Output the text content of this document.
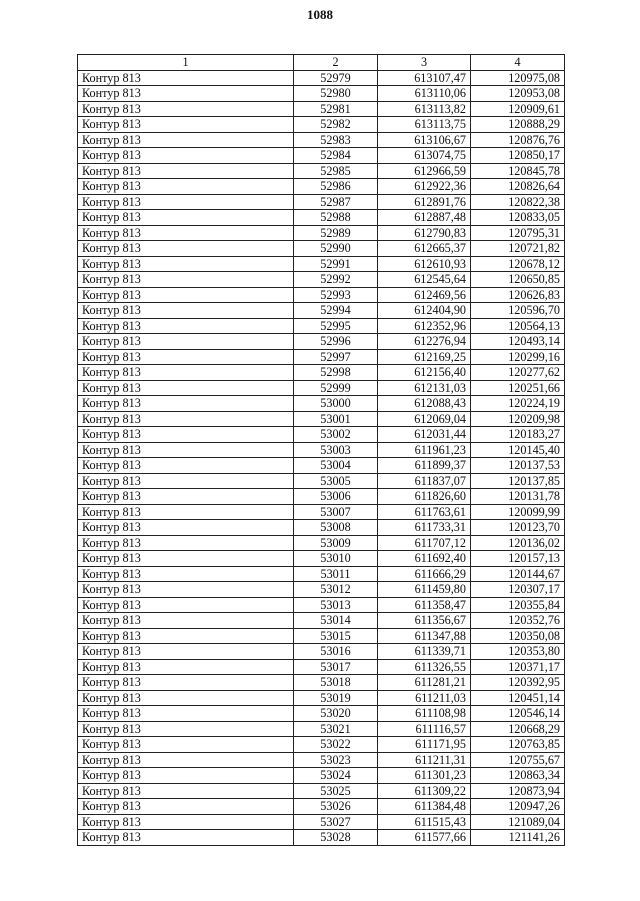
1088
1	2	3	4
Контур 813	52979	613107,47	120975,08
Контур 813	52980	613110,06	120953,08
Контур 813	52981	613113,82	120909,61
Контур 813	52982	613113,75	120888,29
Контур 813	52983	613106,67	120876,76
Контур 813	52984	613074,75	120850,17
Контур 813	52985	612966,59	120845,78
Контур 813	52986	612922,36	120826,64
Контур 813	52987	612891,76	120822,38
Контур 813	52988	612887,48	120833,05
Контур 813	52989	612790,83	120795,31
Контур 813	52990	612665,37	120721,82
Контур 813	52991	612610,93	120678,12
Контур 813	52992	612545,64	120650,85
Контур 813	52993	612469,56	120626,83
Контур 813	52994	612404,90	120596,70
Контур 813	52995	612352,96	120564,13
Контур 813	52996	612276,94	120493,14
Контур 813	52997	612169,25	120299,16
Контур 813	52998	612156,40	120277,62
Контур 813	52999	612131,03	120251,66
Контур 813	53000	612088,43	120224,19
Контур 813	53001	612069,04	120209,98
Контур 813	53002	612031,44	120183,27
Контур 813	53003	611961,23	120145,40
Контур 813	53004	611899,37	120137,53
Контур 813	53005	611837,07	120137,85
Контур 813	53006	611826,60	120131,78
Контур 813	53007	611763,61	120099,99
Контур 813	53008	611733,31	120123,70
Контур 813	53009	611707,12	120136,02
Контур 813	53010	611692,40	120157,13
Контур 813	53011	611666,29	120144,67
Контур 813	53012	611459,80	120307,17
Контур 813	53013	611358,47	120355,84
Контур 813	53014	611356,67	120352,76
Контур 813	53015	611347,88	120350,08
Контур 813	53016	611339,71	120353,80
Контур 813	53017	611326,55	120371,17
Контур 813	53018	611281,21	120392,95
Контур 813	53019	611211,03	120451,14
Контур 813	53020	611108,98	120546,14
Контур 813	53021	611116,57	120668,29
Контур 813	53022	611171,95	120763,85
Контур 813	53023	611211,31	120755,67
Контур 813	53024	611301,23	120863,34
Контур 813	53025	611309,22	120873,94
Контур 813	53026	611384,48	120947,26
Контур 813	53027	611515,43	121089,04
Контур 813	53028	611577,66	121141,26
